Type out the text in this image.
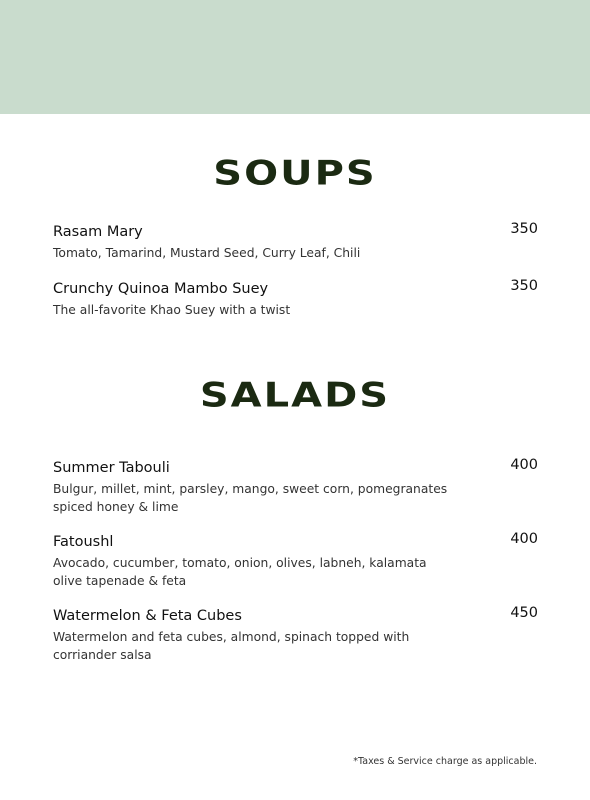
SOUPS
Rasam Mary
Tomato, Tamarind, Mustard Seed, Curry Leaf, Chili
350
Crunchy Quinoa Mambo Suey
The all-favorite Khao Suey with a twist
350
SALADS
Summer Tabouli
Bulgur, millet, mint, parsley, mango, sweet corn, pomegranates spiced honey & lime
400
Fatoushl
Avocado, cucumber, tomato, onion, olives, labneh, kalamata olive tapenade & feta
400
Watermelon & Feta Cubes
Watermelon and feta cubes, almond, spinach topped with corriander salsa
450
*Taxes & Service charge as applicable.
